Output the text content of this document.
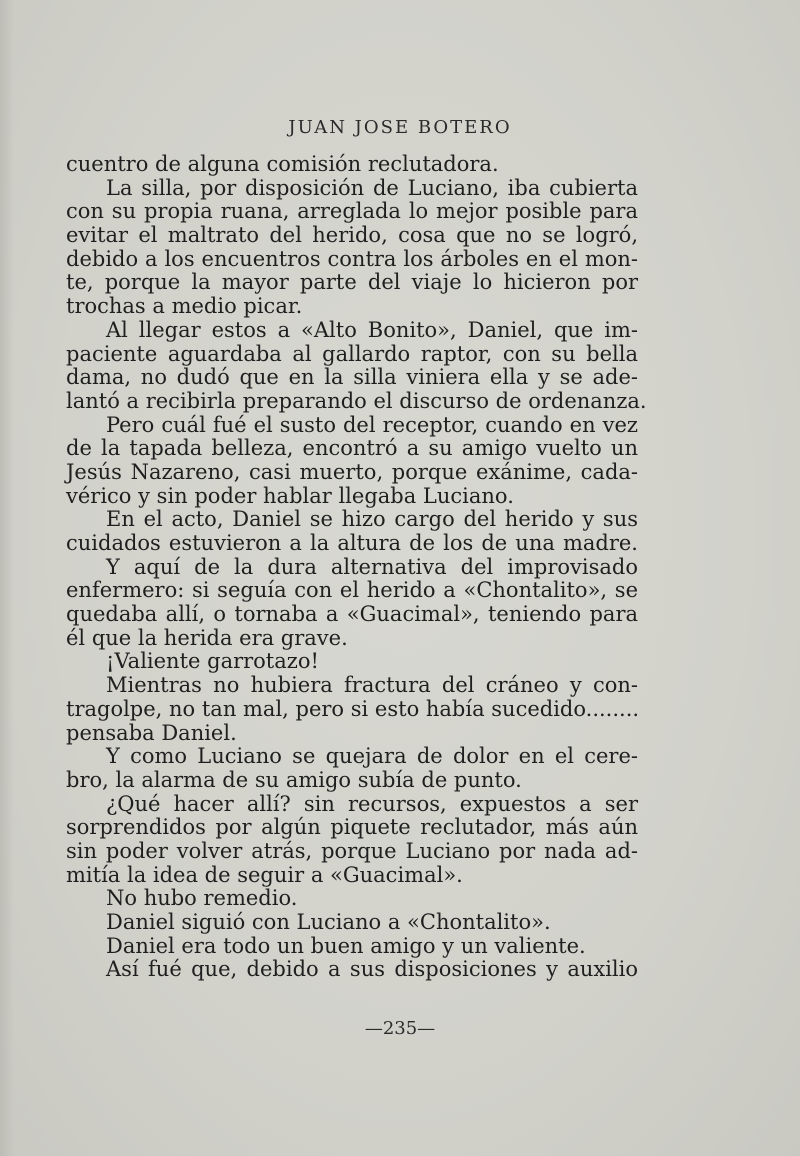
JUAN JOSE BOTERO
cuentro de alguna comisión reclutadora.
La silla, por disposición de Luciano, iba cubierta
con su propia ruana, arreglada lo mejor posible para
evitar el maltrato del herido, cosa que no se logró,
debido a los encuentros contra los árboles en el mon-
te, porque la mayor parte del viaje lo hicieron por
trochas a medio picar.
Al llegar estos a «Alto Bonito», Daniel, que im-
paciente aguardaba al gallardo raptor, con su bella
dama, no dudó que en la silla viniera ella y se ade-
lantó a recibirla preparando el discurso de ordenanza.
Pero cuál fué el susto del receptor, cuando en vez
de la tapada belleza, encontró a su amigo vuelto un
Jesús Nazareno, casi muerto, porque exánime, cada-
vérico y sin poder hablar llegaba Luciano.
En el acto, Daniel se hizo cargo del herido y sus
cuidados estuvieron a la altura de los de una madre.
Y aquí de la dura alternativa del improvisado
enfermero: si seguía con el herido a «Chontalito», se
quedaba allí, o tornaba a «Guacimal», teniendo para
él que la herida era grave.
¡Valiente garrotazo!
Mientras no hubiera fractura del cráneo y con-
tragolpe, no tan mal, pero si esto había sucedido........
pensaba Daniel.
Y como Luciano se quejara de dolor en el cere-
bro, la alarma de su amigo subía de punto.
¿Qué hacer allí? sin recursos, expuestos a ser
sorprendidos por algún piquete reclutador, más aún
sin poder volver atrás, porque Luciano por nada ad-
mitía la idea de seguir a «Guacimal».
No hubo remedio.
Daniel siguió con Luciano a «Chontalito».
Daniel era todo un buen amigo y un valiente.
Así fué que, debido a sus disposiciones y auxilio
—235—
